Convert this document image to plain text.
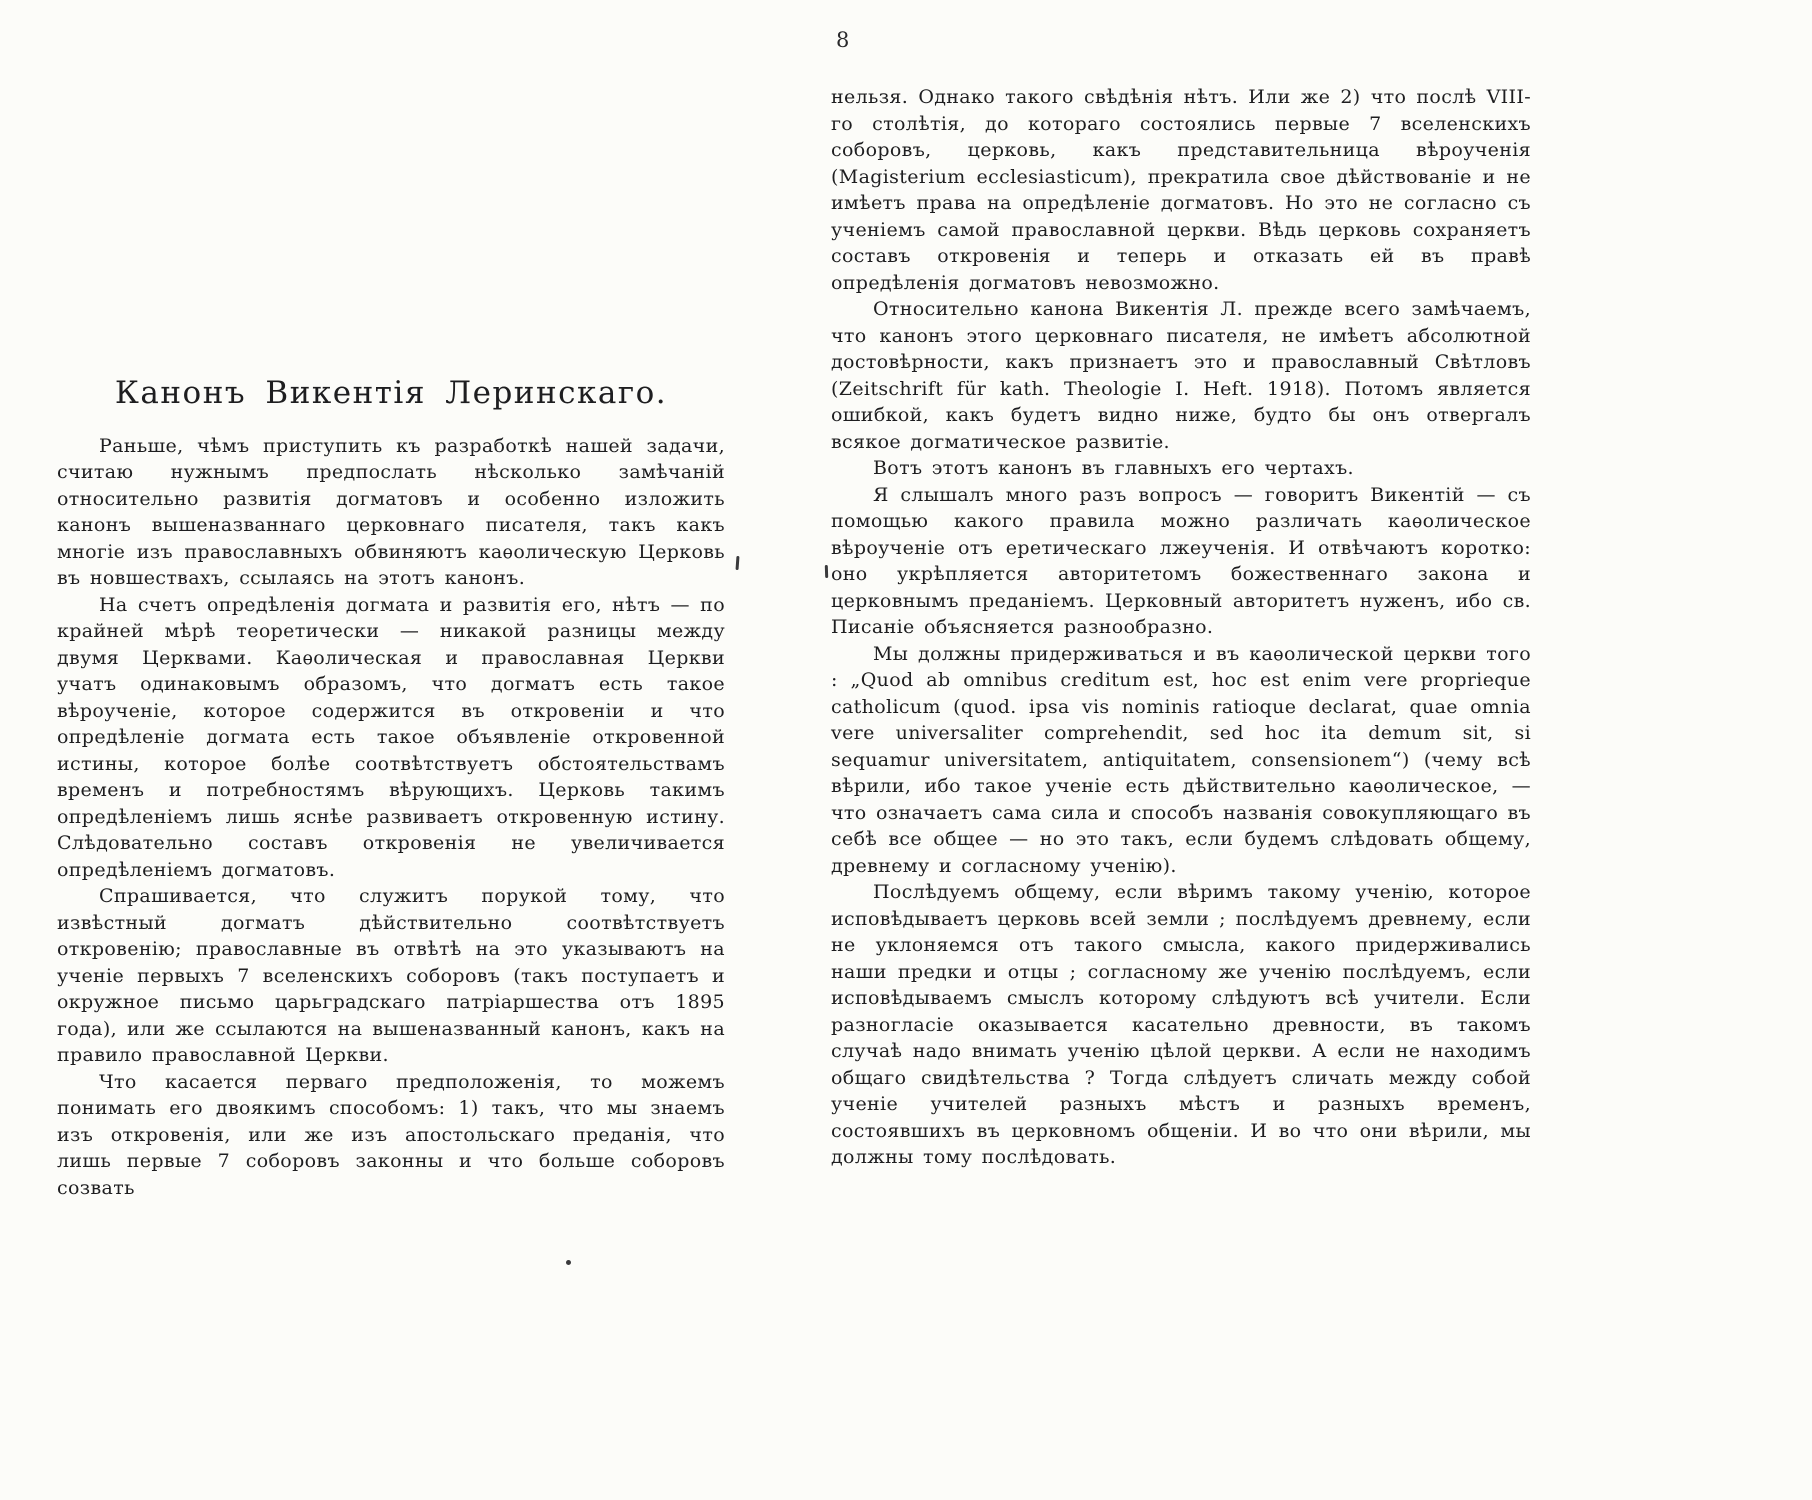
8
Канонъ Викентія Леринскаго.

Раньше, чѣмъ приступить къ разработкѣ нашей задачи, считаю нужнымъ предпослать нѣсколько замѣчаній относительно развитія догматовъ и особенно изложить канонъ вышеназваннаго церковнаго писателя, такъ какъ многіе изъ православныхъ обвиняютъ каѳолическую Церковь въ новшествахъ, ссылаясь на этотъ канонъ.

На счетъ опредѣленія догмата и развитія его, нѣтъ — по крайней мѣрѣ теоретически — никакой разницы между двумя Церквами. Каѳолическая и православная Церкви учатъ одинаковымъ образомъ, что догматъ есть такое вѣроученіе, которое содержится въ откровеніи и что опредѣленіе догмата есть такое объявленіе откровенной истины, которое болѣе соотвѣтствуетъ обстоятельствамъ временъ и потребностямъ вѣрующихъ. Церковь такимъ опредѣленіемъ лишь яснѣе развиваетъ откровенную истину. Слѣдовательно составъ откровенія не увеличивается опредѣленіемъ догматовъ.

Спрашивается, что служитъ порукой тому, что извѣстный догматъ дѣйствительно соотвѣтствуетъ откровенію; православные въ отвѣтѣ на это указываютъ на ученіе первыхъ 7 вселенскихъ соборовъ (такъ поступаетъ и окружное письмо царьградскаго патріаршества отъ 1895 года), или же ссылаются на вышеназванный канонъ, какъ на правило православной Церкви.

Что касается перваго предположенія, то можемъ понимать его двоякимъ способомъ: 1) такъ, что мы знаемъ изъ откровенія, или же изъ апостольскаго преданія, что лишь первые 7 соборовъ законны и что больше соборовъ созвать

нельзя. Однако такого свѣдѣнія нѣтъ. Или же 2) что послѣ VIII-го столѣтія, до котораго состоялись первые 7 вселенскихъ соборовъ, церковь, какъ представительница вѣроученія (Magisterium ecclesiasticum), прекратила свое дѣйствованіе и не имѣетъ права на опредѣленіе догматовъ. Но это не согласно съ ученіемъ самой православной церкви. Вѣдь церковь сохраняетъ составъ откровенія и теперь и отказать ей въ правѣ опредѣленія догматовъ невозможно.

Относительно канона Викентія Л. прежде всего замѣчаемъ, что канонъ этого церковнаго писателя, не имѣетъ абсолютной достовѣрности, какъ признаетъ это и православный Свѣтловъ (Zeitschrift für kath. Theologie I. Heft. 1918). Потомъ является ошибкой, какъ будетъ видно ниже, будто бы онъ отвергалъ всякое догматическое развитіе.

Вотъ этотъ канонъ въ главныхъ его чертахъ.

Я слышалъ много разъ вопросъ — говоритъ Викентій — съ помощью какого правила можно различать каѳолическое вѣроученіе отъ еретическаго лжеученія. И отвѣчаютъ коротко: оно укрѣпляется авторитетомъ божественнаго закона и церковнымъ преданіемъ. Церковный авторитетъ нуженъ, ибо св. Писаніе объясняется разнообразно.

Мы должны придерживаться и въ каѳолической церкви того : „Quod ab omnibus creditum est, hoc est enim vere proprieque catholicum (quod. ipsa vis nominis ratioque declarat, quae omnia vere universaliter comprehendit, sed hoc ita demum sit, si sequamur universitatem, antiquitatem, consensionem“) (чему всѣ вѣрили, ибо такое ученіе есть дѣйствительно каѳолическое, — что означаетъ сама сила и способъ названія совокупляющаго въ себѣ все общее — но это такъ, если будемъ слѣдовать общему, древнему и согласному ученію).

Послѣдуемъ общему, если вѣримъ такому ученію, которое исповѣдываетъ церковь всей земли ; послѣдуемъ древнему, если не уклоняемся отъ такого смысла, какого придерживались наши предки и отцы ; согласному же ученію послѣдуемъ, если исповѣдываемъ смыслъ которому слѣдуютъ всѣ учители. Если разногласіе оказывается касательно древности, въ такомъ случаѣ надо внимать ученію цѣлой церкви. А если не находимъ общаго свидѣтельства ? Тогда слѣдуетъ сличать между собой ученіе учителей разныхъ мѣстъ и разныхъ временъ, состоявшихъ въ церковномъ общеніи. И во что они вѣрили, мы должны тому послѣдовать.
